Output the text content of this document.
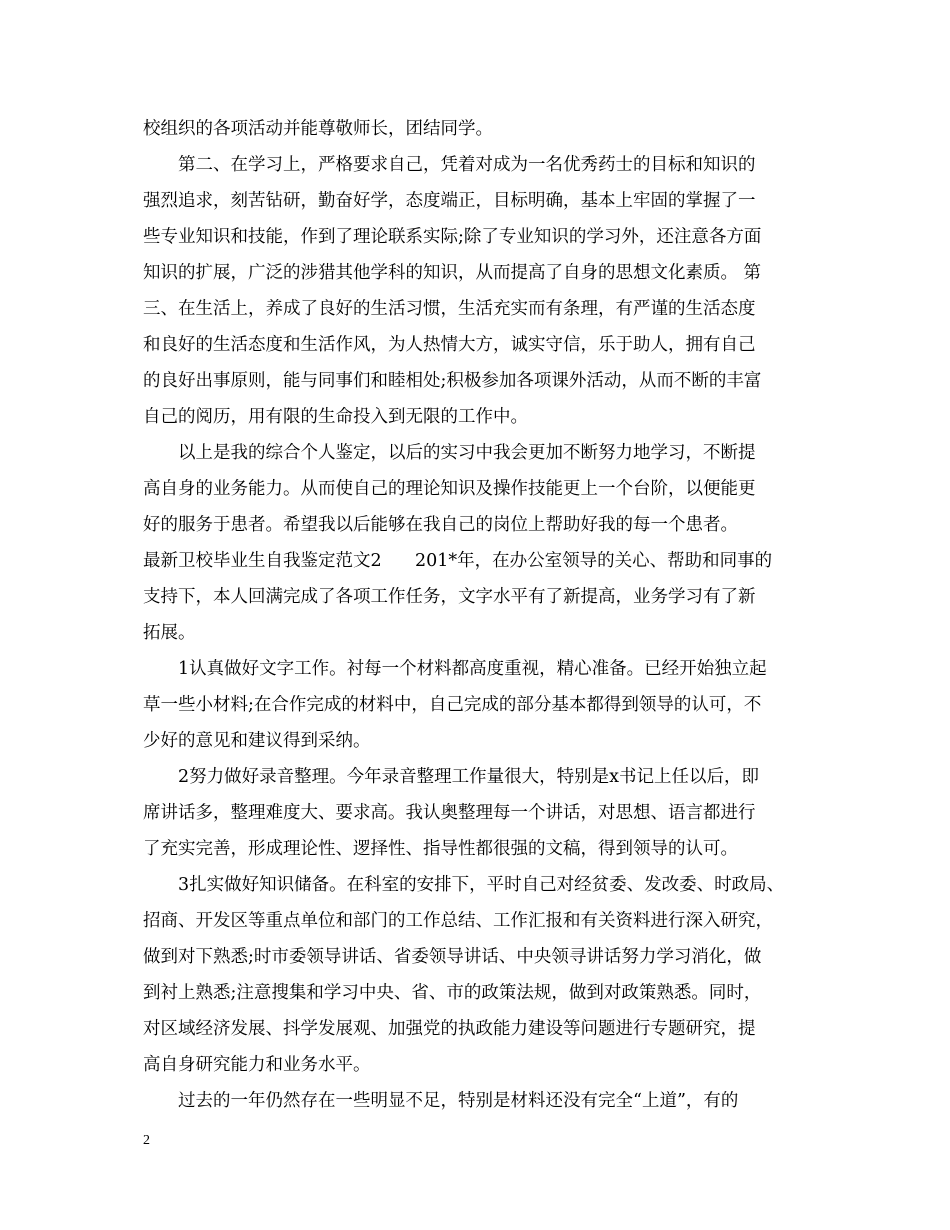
校组织的各项活动并能尊敬师长，团结同学。
第二、在学习上，严格要求自己，凭着对成为一名优秀药士的目标和知识的
强烈追求，刻苦钻研，勤奋好学，态度端正，目标明确，基本上牢固的掌握了一
些专业知识和技能，作到了理论联系实际;除了专业知识的学习外，还注意各方面
知识的扩展，广泛的涉猎其他学科的知识，从而提高了自身的思想文化素质。 第
三、在生活上，养成了良好的生活习惯，生活充实而有条理，有严谨的生活态度
和良好的生活态度和生活作风，为人热情大方，诚实守信，乐于助人，拥有自己
的良好出事原则，能与同事们和睦相处;积极参加各项课外活动，从而不断的丰富
自己的阅历，用有限的生命投入到无限的工作中。
以上是我的综合个人鉴定，以后的实习中我会更加不断努力地学习，不断提
高自身的业务能力。从而使自己的理论知识及操作技能更上一个台阶，以便能更
好的服务于患者。希望我以后能够在我自己的岗位上帮助好我的每一个患者。
最新卫校毕业生自我鉴定范文2      201*年，在办公室领导的关心、帮助和同事的
支持下，本人回满完成了各项工作任务，文字水平有了新提高，业务学习有了新
拓展。
1认真做好文字工作。衬每一个材料都高度重视，精心准备。已经开始独立起
草一些小材料;在合作完成的材料中，自己完成的部分基本都得到领导的认可，不
少好的意见和建议得到采纳。
2努力做好录音整理。今年录音整理工作量很大，特别是x书记上任以后，即
席讲话多，整理难度大、要求高。我认奥整理每一个讲话，对思想、语言都进行
了充实完善，形成理论性、逻择性、指导性都很强的文稿，得到领导的认可。
3扎实做好知识储备。在科室的安排下，平时自己对经贫委、发改委、时政局、
招商、开发区等重点单位和部门的工作总结、工作汇报和有关资料进行深入研究，
做到对下熟悉;时市委领导讲话、省委领导讲话、中央领寻讲话努力学习消化，做
到衬上熟悉;注意搜集和学习中央、省、市的政策法规，做到对政策熟悉。同时，
对区域经济发展、抖学发展观、加强党的执政能力建设等问题进行专题研究，提
高自身研究能力和业务水平。
过去的一年仍然存在一些明显不足，特别是材料还没有完全“上道”，有的
2
